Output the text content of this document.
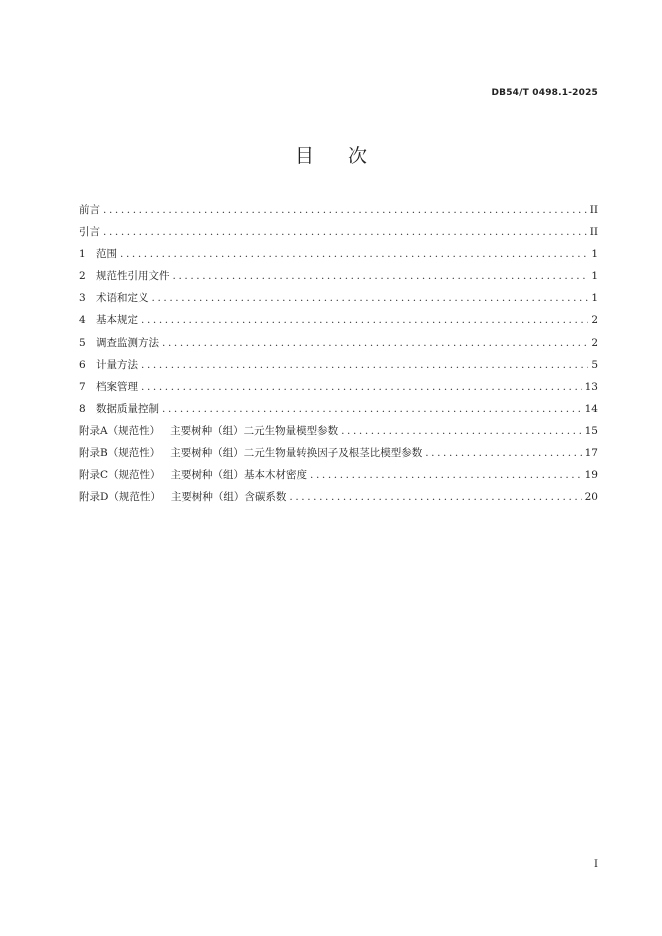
DB54/T 0498.1-2025
目 次
前言 .....	II
引言 .....	II
1 范围 .....	1
2 规范性引用文件 .....	1
3 术语和定义 .....	1
4 基本规定 .....	2
5 调查监测方法 .....	2
6 计量方法 .....	5
7 档案管理 .....	13
8 数据质量控制 .....	14
附录A（规范性） 主要树种（组）二元生物量模型参数 .....	15
附录B（规范性） 主要树种（组）二元生物量转换因子及根茎比模型参数 .....	17
附录C（规范性） 主要树种（组）基本木材密度 .....	19
附录D（规范性） 主要树种（组）含碳系数 .....	20
I
